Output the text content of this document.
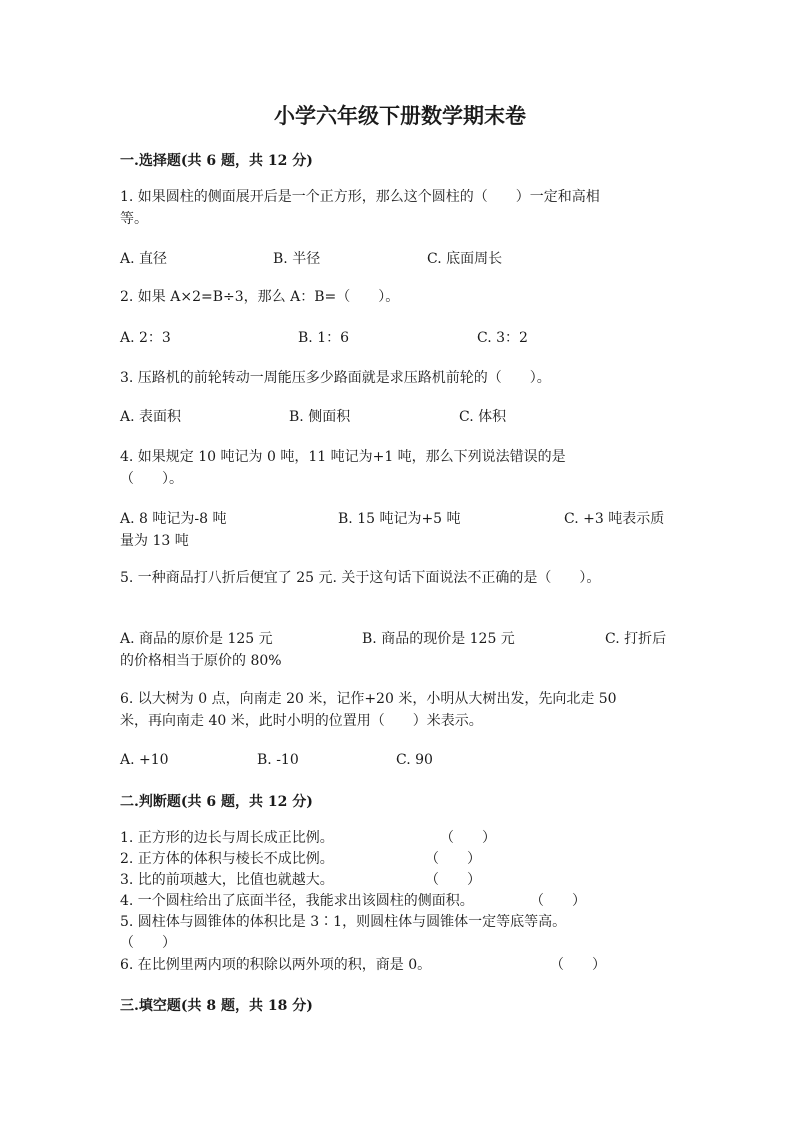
小学六年级下册数学期末卷
一.选择题(共 6 题，共 12 分)
1. 如果圆柱的侧面展开后是一个正方形，那么这个圆柱的（　　）一定和高相
等。
A. 直径	B. 半径	C. 底面周长
2. 如果 A×2=B÷3，那么 A：B=（　　）。
A. 2：3	B. 1：6	C. 3：2
3. 压路机的前轮转动一周能压多少路面就是求压路机前轮的（　　）。
A. 表面积	B. 侧面积	C. 体积
4. 如果规定 10 吨记为 0 吨，11 吨记为+1 吨，那么下列说法错误的是
（　　）。
A. 8 吨记为-8 吨	B. 15 吨记为+5 吨	C. +3 吨表示质
量为 13 吨
5. 一种商品打八折后便宜了 25 元. 关于这句话下面说法不正确的是（　　）。
A. 商品的原价是 125 元	B. 商品的现价是 125 元	C. 打折后
的价格相当于原价的 80%
6. 以大树为 0 点，向南走 20 米，记作+20 米，小明从大树出发，先向北走 50
米，再向南走 40 米，此时小明的位置用（　　）米表示。
A. +10	B. -10	C. 90
二.判断题(共 6 题，共 12 分)
1. 正方形的边长与周长成正比例。	（　　）
2. 正方体的体积与棱长不成比例。	（　　）
3. 比的前项越大，比值也就越大。	（　　）
4. 一个圆柱给出了底面半径，我能求出该圆柱的侧面积。	（　　）
5. 圆柱体与圆锥体的体积比是 3∶1，则圆柱体与圆锥体一定等底等高。
（　　）
6. 在比例里两内项的积除以两外项的积，商是 0。	（　　）
三.填空题(共 8 题，共 18 分)
